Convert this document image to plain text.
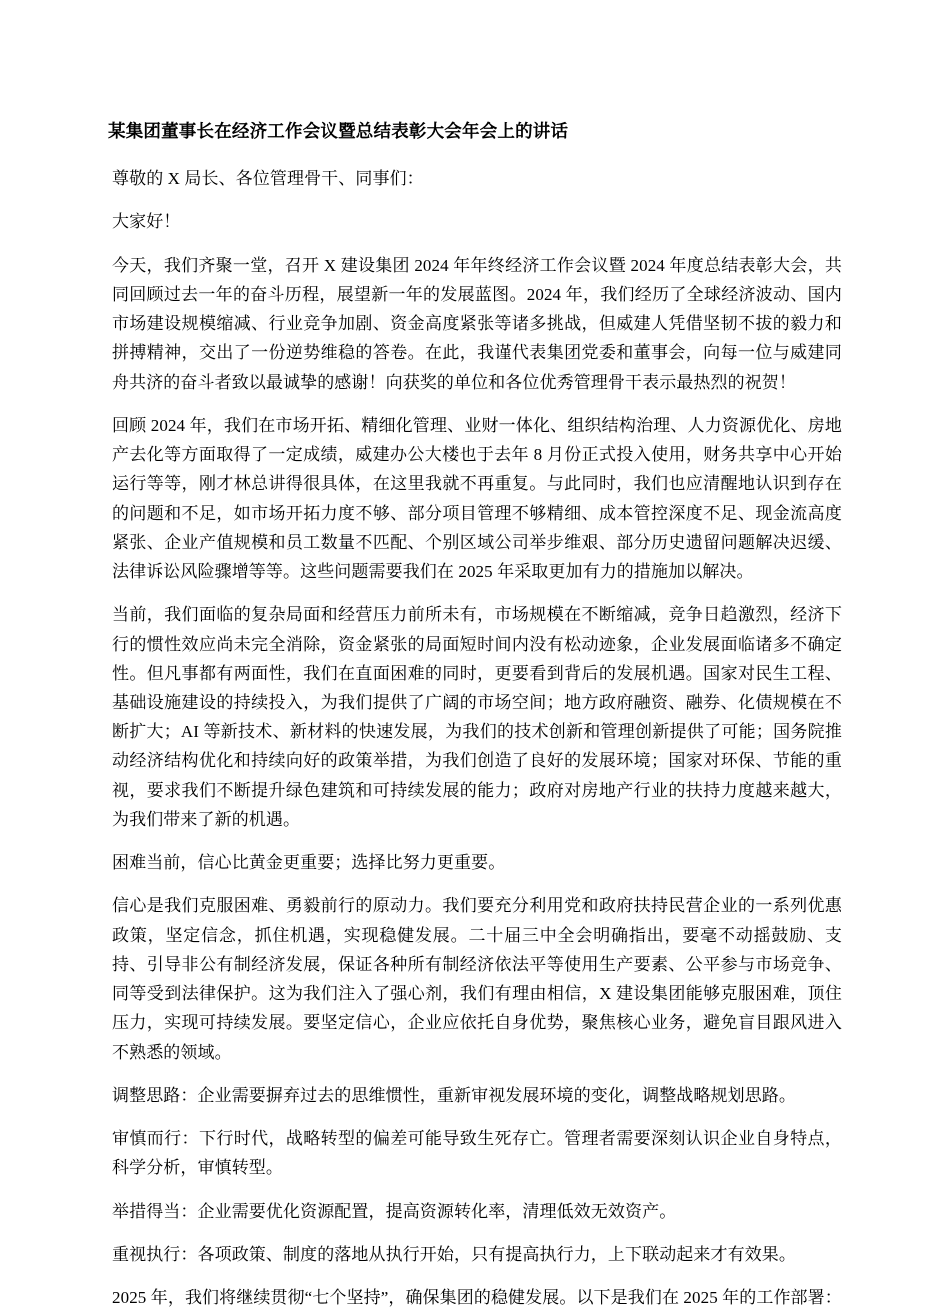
某集团董事长在经济工作会议暨总结表彰大会年会上的讲话

尊敬的 X 局长、各位管理骨干、同事们：

大家好！

今天，我们齐聚一堂，召开 X 建设集团 2024 年年终经济工作会议暨 2024 年度总结表彰大会，共同回顾过去一年的奋斗历程，展望新一年的发展蓝图。2024 年，我们经历了全球经济波动、国内市场建设规模缩减、行业竞争加剧、资金高度紧张等诸多挑战，但威建人凭借坚韧不拔的毅力和拼搏精神，交出了一份逆势维稳的答卷。在此，我谨代表集团党委和董事会，向每一位与威建同舟共济的奋斗者致以最诚挚的感谢！向获奖的单位和各位优秀管理骨干表示最热烈的祝贺！

回顾 2024 年，我们在市场开拓、精细化管理、业财一体化、组织结构治理、人力资源优化、房地产去化等方面取得了一定成绩，威建办公大楼也于去年 8 月份正式投入使用，财务共享中心开始运行等等，刚才林总讲得很具体，在这里我就不再重复。与此同时，我们也应清醒地认识到存在的问题和不足，如市场开拓力度不够、部分项目管理不够精细、成本管控深度不足、现金流高度紧张、企业产值规模和员工数量不匹配、个别区域公司举步维艰、部分历史遗留问题解决迟缓、法律诉讼风险骤增等等。这些问题需要我们在 2025 年采取更加有力的措施加以解决。

当前，我们面临的复杂局面和经营压力前所未有，市场规模在不断缩减，竞争日趋激烈，经济下行的惯性效应尚未完全消除，资金紧张的局面短时间内没有松动迹象，企业发展面临诸多不确定性。但凡事都有两面性，我们在直面困难的同时，更要看到背后的发展机遇。国家对民生工程、基础设施建设的持续投入，为我们提供了广阔的市场空间；地方政府融资、融券、化债规模在不断扩大；AI 等新技术、新材料的快速发展，为我们的技术创新和管理创新提供了可能；国务院推动经济结构优化和持续向好的政策举措，为我们创造了良好的发展环境；国家对环保、节能的重视，要求我们不断提升绿色建筑和可持续发展的能力；政府对房地产行业的扶持力度越来越大，为我们带来了新的机遇。

困难当前，信心比黄金更重要；选择比努力更重要。

信心是我们克服困难、勇毅前行的原动力。我们要充分利用党和政府扶持民营企业的一系列优惠政策，坚定信念，抓住机遇，实现稳健发展。二十届三中全会明确指出，要毫不动摇鼓励、支持、引导非公有制经济发展，保证各种所有制经济依法平等使用生产要素、公平参与市场竞争、同等受到法律保护。这为我们注入了强心剂，我们有理由相信，X 建设集团能够克服困难，顶住压力，实现可持续发展。要坚定信心，企业应依托自身优势，聚焦核心业务，避免盲目跟风进入不熟悉的领域。

调整思路：企业需要摒弃过去的思维惯性，重新审视发展环境的变化，调整战略规划思路。

审慎而行：下行时代，战略转型的偏差可能导致生死存亡。管理者需要深刻认识企业自身特点，科学分析，审慎转型。

举措得当：企业需要优化资源配置，提高资源转化率，清理低效无效资产。

重视执行：各项政策、制度的落地从执行开始，只有提高执行力，上下联动起来才有效果。

2025 年，我们将继续贯彻“七个坚持”，确保集团的稳健发展。以下是我们在 2025 年的工作部署：
